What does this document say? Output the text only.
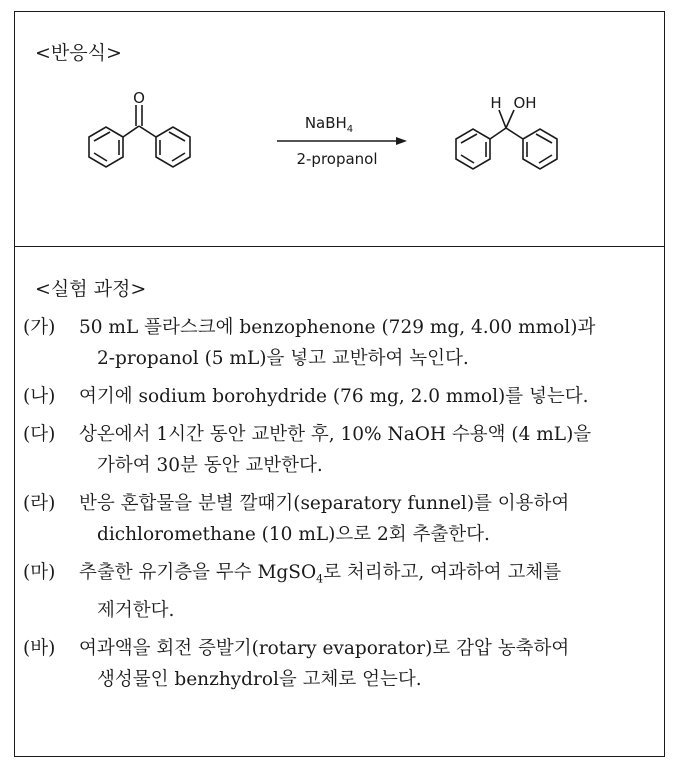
<반응식>
O
NaBH$_4$
2-propanol
H OH
<실험 과정>
(가) 50 mL 플라스크에 benzophenone (729 mg, 4.00 mmol)과
2-propanol (5 mL)을 넣고 교반하여 녹인다.
(나) 여기에 sodium borohydride (76 mg, 2.0 mmol)를 넣는다.
(다) 상온에서 1시간 동안 교반한 후, 10% NaOH 수용액 (4 mL)을
가하여 30분 동안 교반한다.
(라) 반응 혼합물을 분별 깔때기(separatory funnel)를 이용하여
dichloromethane (10 mL)으로 2회 추출한다.
(마) 추출한 유기층을 무수 MgSO$_4$로 처리하고, 여과하여 고체를
제거한다.
(바) 여과액을 회전 증발기(rotary evaporator)로 감압 농축하여
생성물인 benzhydrol을 고체로 얻는다.
